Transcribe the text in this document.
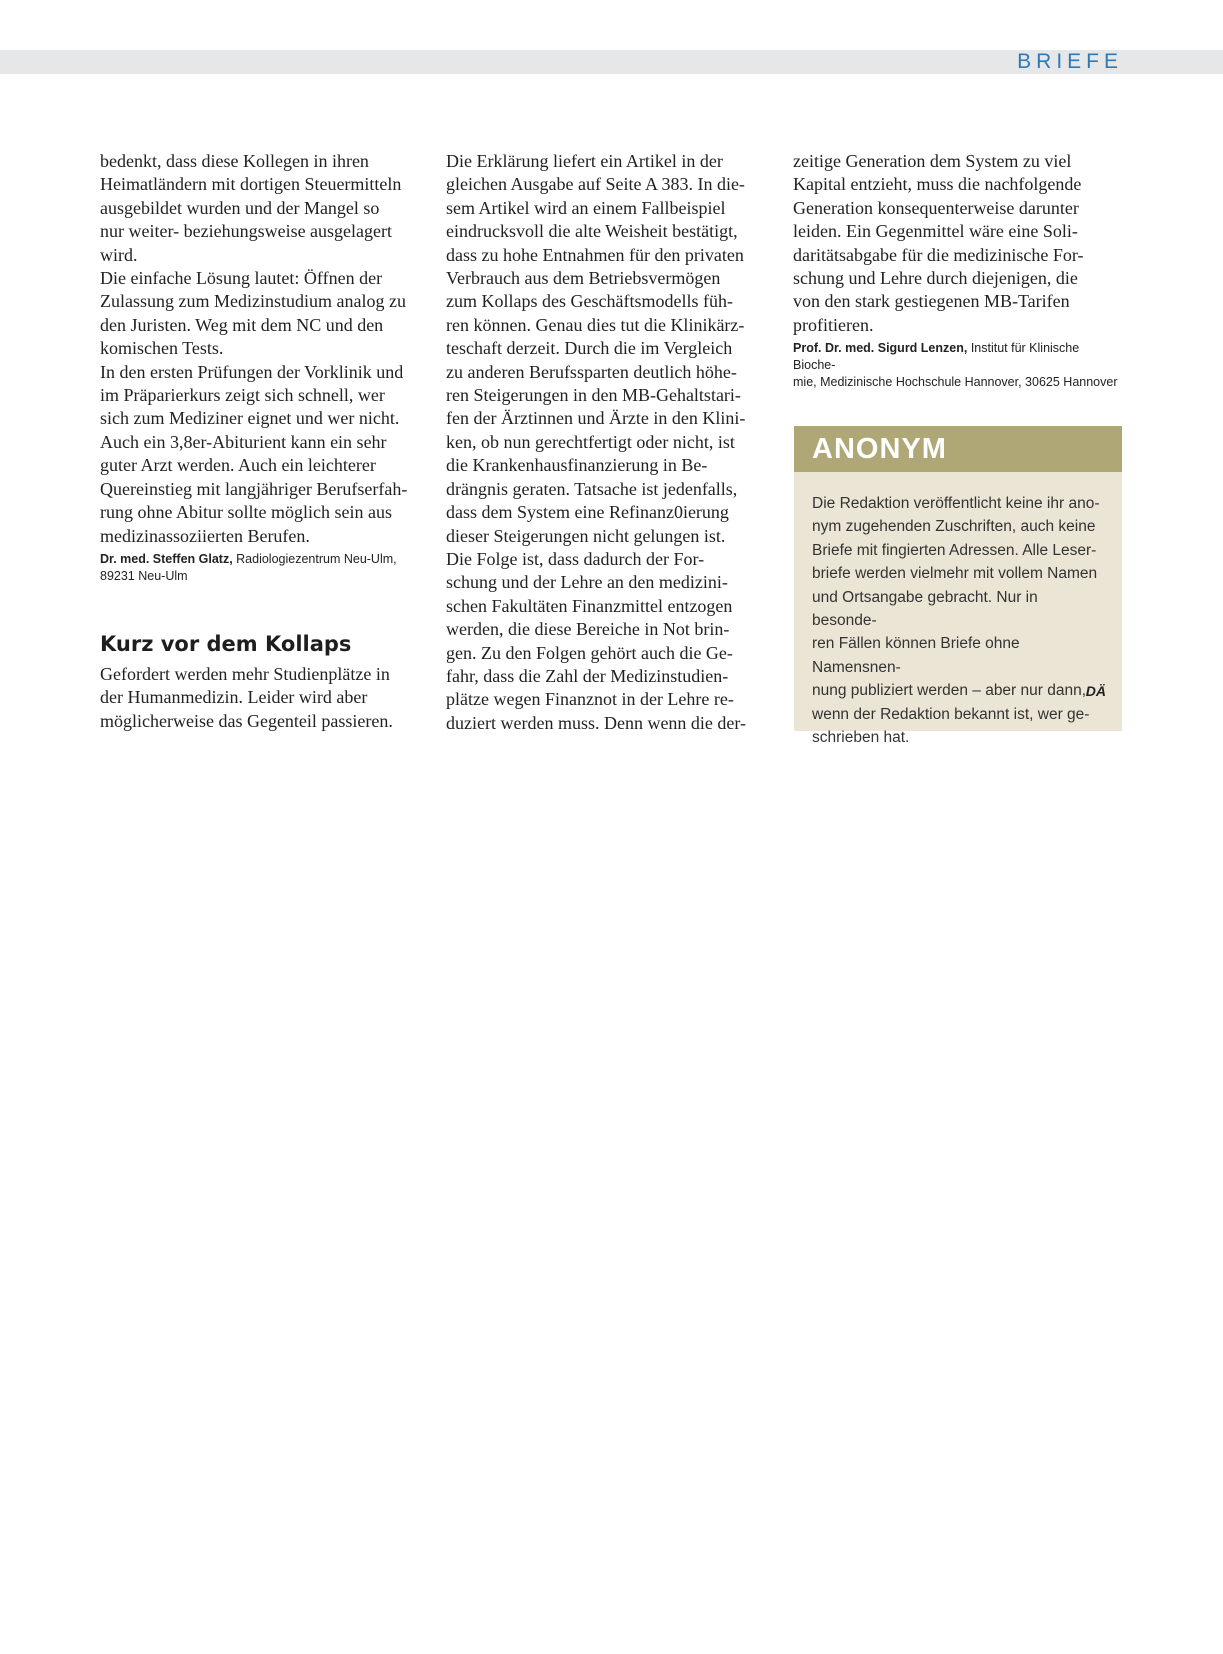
BRIEFE

bedenkt, dass diese Kollegen in ihren
Heimatländern mit dortigen Steuermitteln
ausgebildet wurden und der Mangel so
nur weiter- beziehungsweise ausgelagert
wird.
Die einfache Lösung lautet: Öffnen der
Zulassung zum Medizinstudium analog zu
den Juristen. Weg mit dem NC und den
komischen Tests.
In den ersten Prüfungen der Vorklinik und
im Präparierkurs zeigt sich schnell, wer
sich zum Mediziner eignet und wer nicht.
Auch ein 3,8er-Abiturient kann ein sehr
guter Arzt werden. Auch ein leichterer
Quereinstieg mit langjähriger Berufserfah-
rung ohne Abitur sollte möglich sein aus
medizinassoziierten Berufen.

Dr. med. Steffen Glatz, Radiologiezentrum Neu-Ulm,
89231 Neu-Ulm
Kurz vor dem Kollaps

Gefordert werden mehr Studienplätze in
der Humanmedizin. Leider wird aber
möglicherweise das Gegenteil passieren.

Die Erklärung liefert ein Artikel in der
gleichen Ausgabe auf Seite A 383. In die-
sem Artikel wird an einem Fallbeispiel
eindrucksvoll die alte Weisheit bestätigt,
dass zu hohe Entnahmen für den privaten
Verbrauch aus dem Betriebsvermögen
zum Kollaps des Geschäftsmodells füh-
ren können. Genau dies tut die Klinikärz-
teschaft derzeit. Durch die im Vergleich
zu anderen Berufssparten deutlich höhe-
ren Steigerungen in den MB-Gehaltstari-
fen der Ärztinnen und Ärzte in den Klini-
ken, ob nun gerechtfertigt oder nicht, ist
die Krankenhausfinanzierung in Be-
drängnis geraten. Tatsache ist jedenfalls,
dass dem System eine Refinanz0ierung
dieser Steigerungen nicht gelungen ist.
Die Folge ist, dass dadurch der For-
schung und der Lehre an den medizini-
schen Fakultäten Finanzmittel entzogen
werden, die diese Bereiche in Not brin-
gen. Zu den Folgen gehört auch die Ge-
fahr, dass die Zahl der Medizinstudien-
plätze wegen Finanznot in der Lehre re-
duziert werden muss. Denn wenn die der-

zeitige Generation dem System zu viel
Kapital entzieht, muss die nachfolgende
Generation konsequenterweise darunter
leiden. Ein Gegenmittel wäre eine Soli-
daritätsabgabe für die medizinische For-
schung und Lehre durch diejenigen, die
von den stark gestiegenen MB-Tarifen
profitieren.

Prof. Dr. med. Sigurd Lenzen, Institut für Klinische Bioche-
mie, Medizinische Hochschule Hannover, 30625 Hannover
ANONYM
Die Redaktion veröffentlicht keine ihr ano-
nym zugehenden Zuschriften, auch keine
Briefe mit fingierten Adressen. Alle Leser-
briefe werden vielmehr mit vollem Namen
und Ortsangabe gebracht. Nur in besonde-
ren Fällen können Briefe ohne Namensnen-
nung publiziert werden – aber nur dann,
wenn der Redaktion bekannt ist, wer ge-
schrieben hat.
DÄ
